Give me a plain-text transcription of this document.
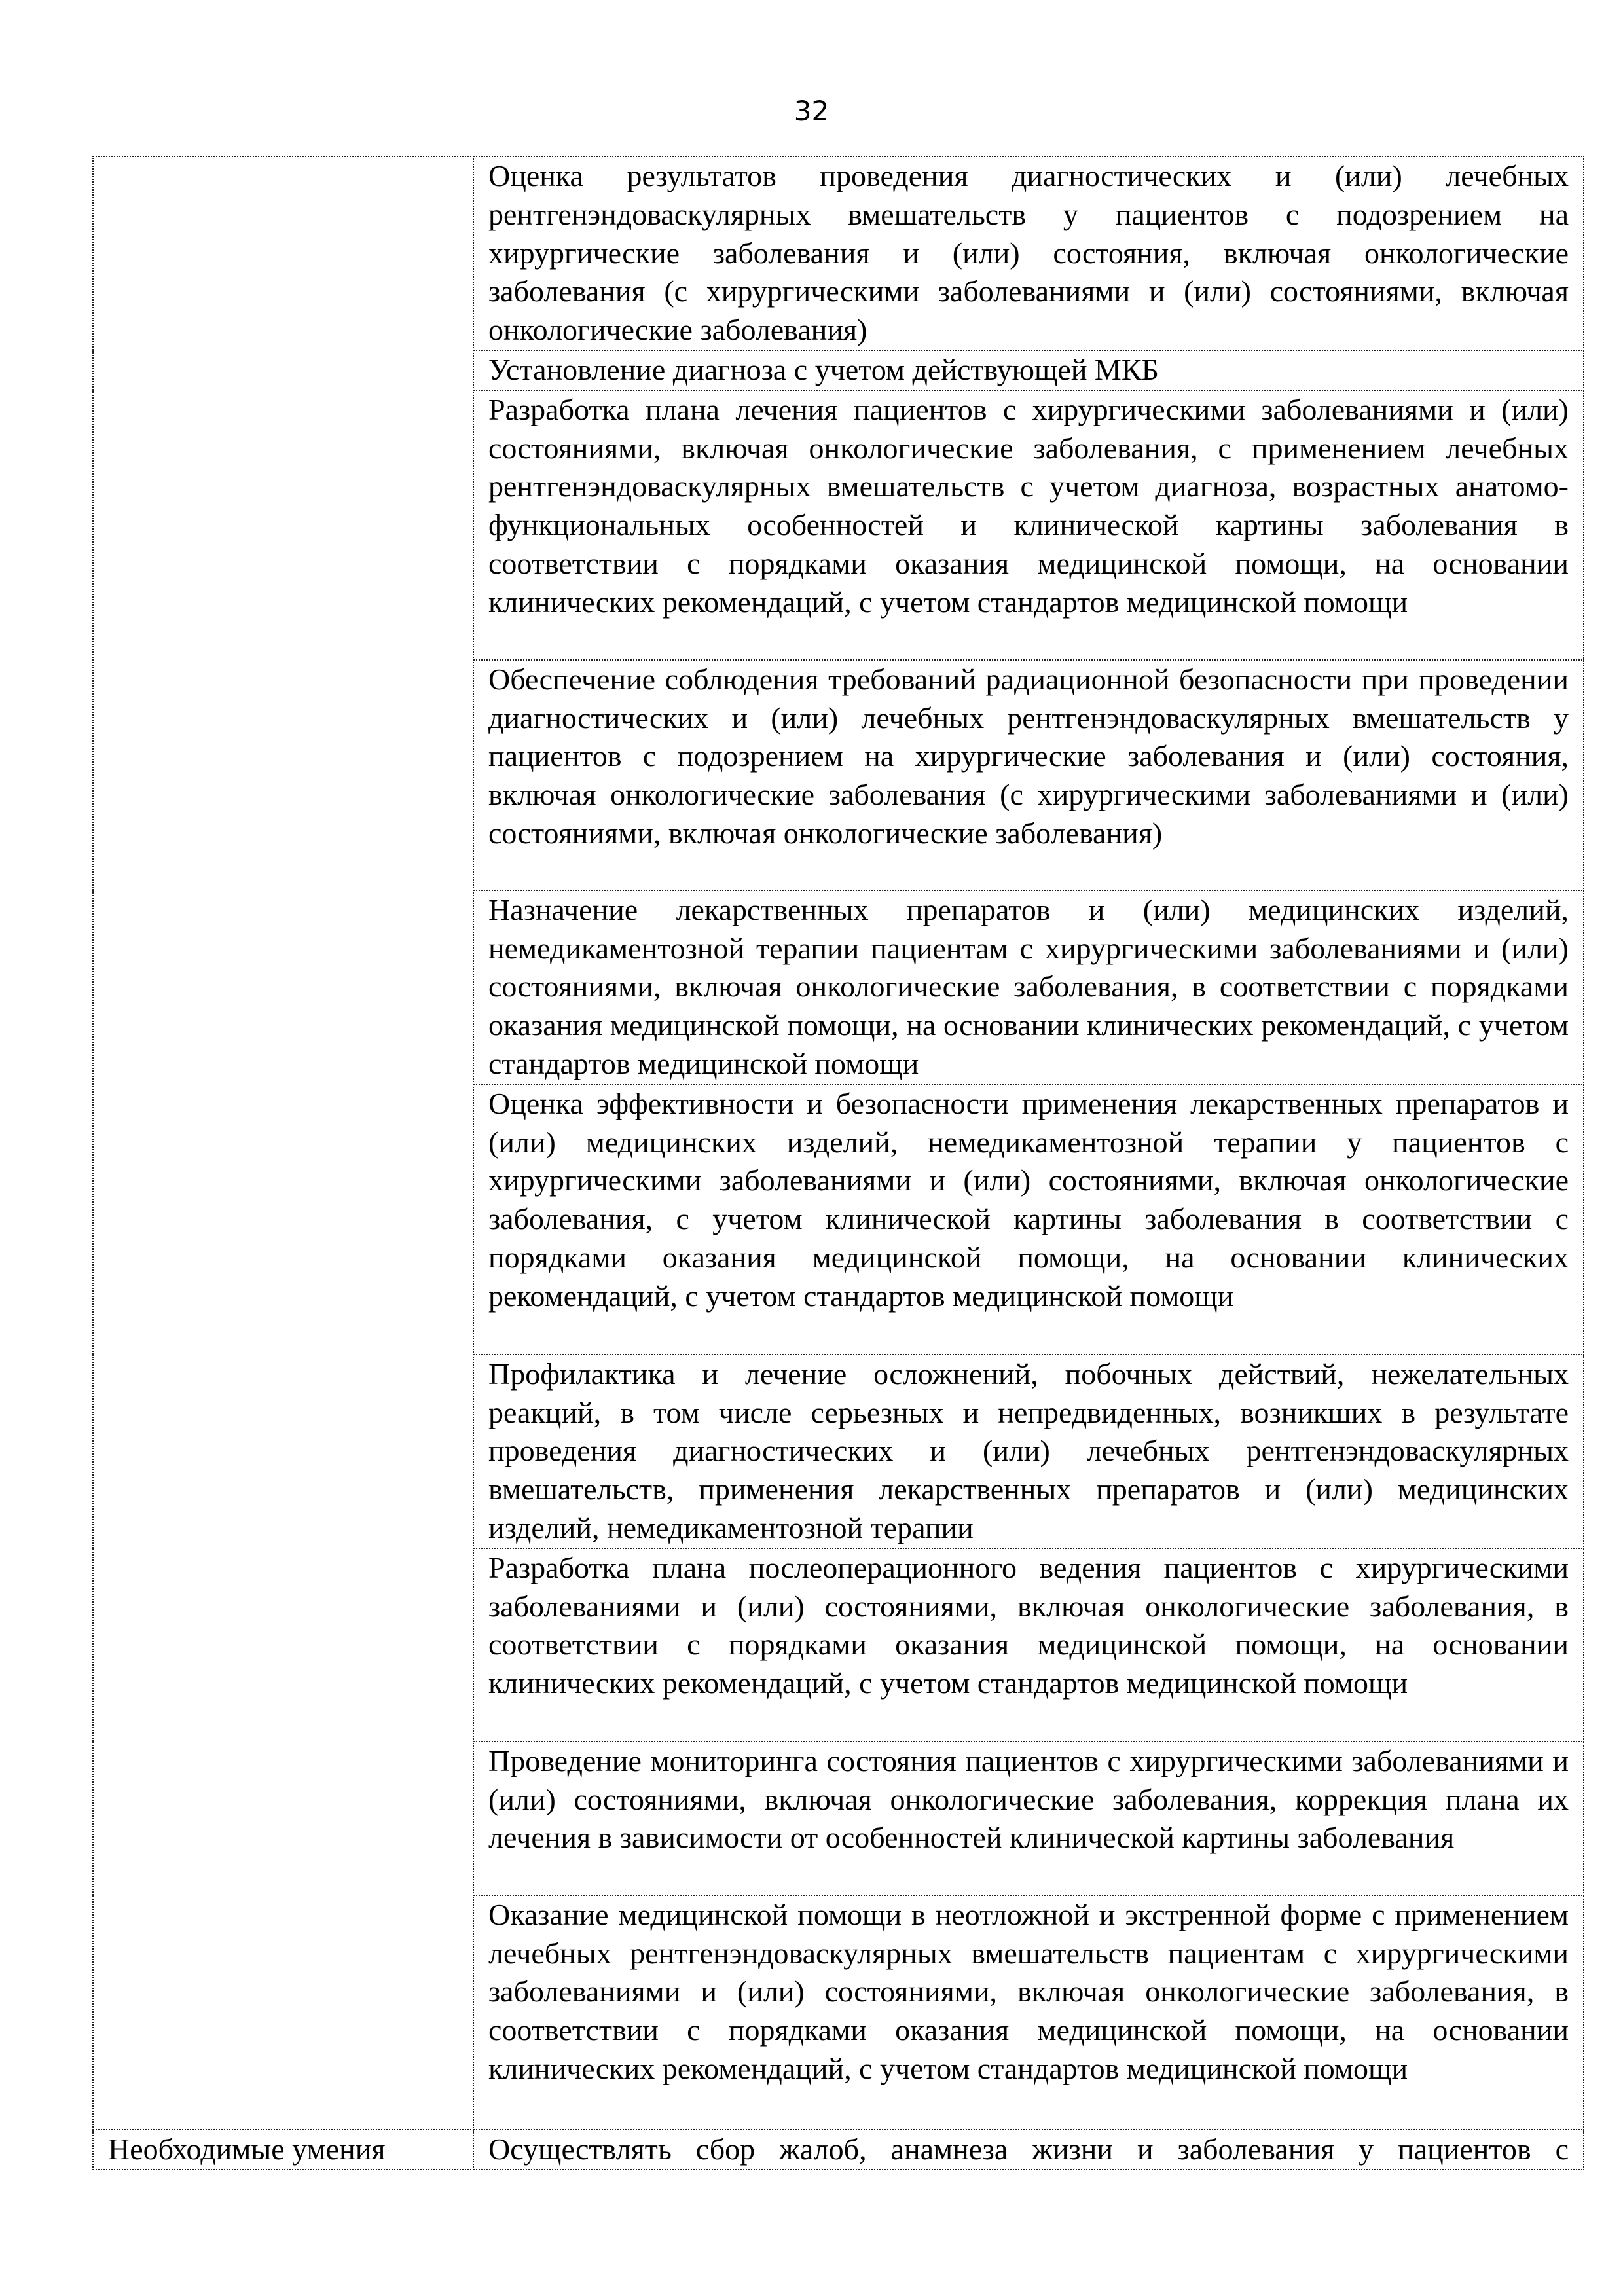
32

	Оценка результатов проведения диагностических и (или) лечебных рентгенэндоваскулярных вмешательств у пациентов с подозрением на хирургические заболевания и (или) состояния, включая онкологические заболевания (с хирургическими заболеваниями и (или) состояниями, включая онкологические заболевания)

	Установление диагноза с учетом действующей МКБ

	Разработка плана лечения пациентов с хирургическими заболеваниями и (или) состояниями, включая онкологические заболевания, с применением лечебных рентгенэндоваскулярных вмешательств с учетом диагноза, возрастных анатомо-функциональных особенностей и клинической картины заболевания в соответствии с порядками оказания медицинской помощи, на основании клинических рекомендаций, с учетом стандартов медицинской помощи

	Обеспечение соблюдения требований радиационной безопасности при проведении диагностических и (или) лечебных рентгенэндоваскулярных вмешательств у пациентов с подозрением на хирургические заболевания и (или) состояния, включая онкологические заболевания (с хирургическими заболеваниями и (или) состояниями, включая онкологические заболевания)

	Назначение лекарственных препаратов и (или) медицинских изделий, немедикаментозной терапии пациентам с хирургическими заболеваниями и (или) состояниями, включая онкологические заболевания, в соответствии с порядками оказания медицинской помощи, на основании клинических рекомендаций, с учетом стандартов медицинской помощи

	Оценка эффективности и безопасности применения лекарственных препаратов и (или) медицинских изделий, немедикаментозной терапии у пациентов с хирургическими заболеваниями и (или) состояниями, включая онкологические заболевания, с учетом клинической картины заболевания в соответствии с порядками оказания медицинской помощи, на основании клинических рекомендаций, с учетом стандартов медицинской помощи

	Профилактика и лечение осложнений, побочных действий, нежелательных реакций, в том числе серьезных и непредвиденных, возникших в результате проведения диагностических и (или) лечебных рентгенэндоваскулярных вмешательств, применения лекарственных препаратов и (или) медицинских изделий, немедикаментозной терапии

	Разработка плана послеоперационного ведения пациентов с хирургическими заболеваниями и (или) состояниями, включая онкологические заболевания, в соответствии с порядками оказания медицинской помощи, на основании клинических рекомендаций, с учетом стандартов медицинской помощи

	Проведение мониторинга состояния пациентов с хирургическими заболеваниями и (или) состояниями, включая онкологические заболевания, коррекция плана их лечения в зависимости от особенностей клинической картины заболевания

	Оказание медицинской помощи в неотложной и экстренной форме с применением лечебных рентгенэндоваскулярных вмешательств пациентам с хирургическими заболеваниями и (или) состояниями, включая онкологические заболевания, в соответствии с порядками оказания медицинской помощи, на основании клинических рекомендаций, с учетом стандартов медицинской помощи

Необходимые умения	Осуществлять сбор жалоб, анамнеза жизни и заболевания у пациентов с
